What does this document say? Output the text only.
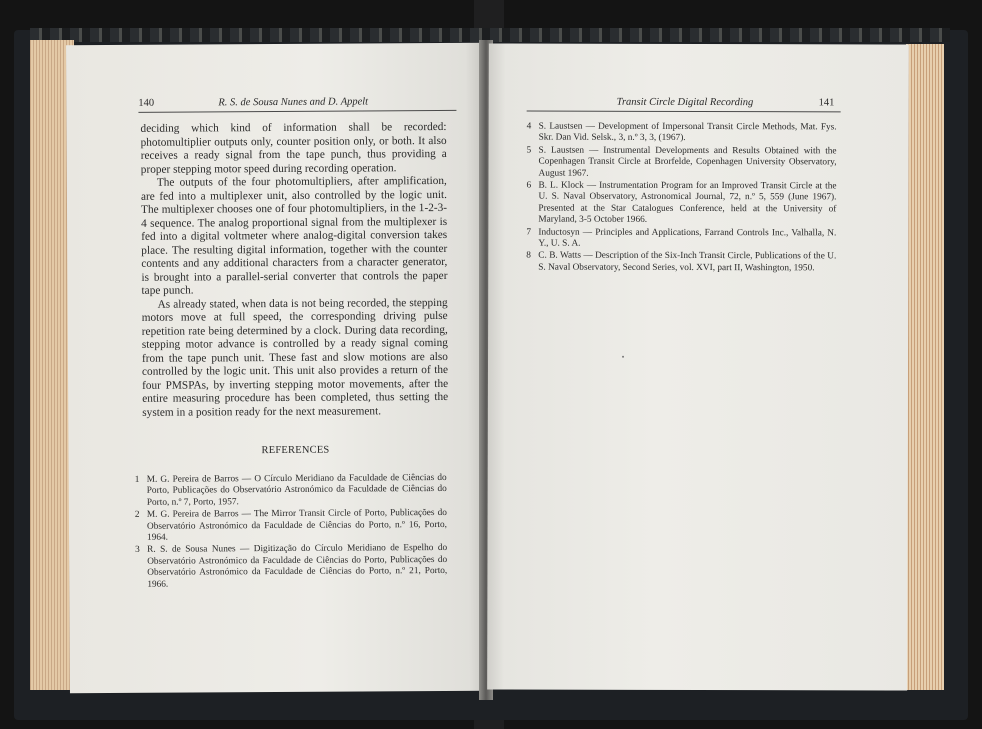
140	R. S. de Sousa Nunes and D. Appelt

deciding which kind of information shall be recorded: photomultiplier outputs only, counter position only, or both. It also receives a ready signal from the tape punch, thus providing a proper stepping motor speed during recording operation.

The outputs of the four photomultipliers, after amplification, are fed into a multiplexer unit, also controlled by the logic unit. The multiplexer chooses one of four photomultipliers, in the 1-2-3-4 sequence. The analog proportional signal from the multiplexer is fed into a digital voltmeter where analog-digital conversion takes place. The resulting digital information, together with the counter contents and any additional characters from a character generator, is brought into a parallel-serial converter that controls the paper tape punch.

As already stated, when data is not being recorded, the stepping motors move at full speed, the corresponding driving pulse repetition rate being determined by a clock. During data recording, stepping motor advance is controlled by a ready signal coming from the tape punch unit. These fast and slow motions are also controlled by the logic unit. This unit also provides a return of the four PMSPAs, by inverting stepping motor movements, after the entire measuring procedure has been completed, thus setting the system in a position ready for the next measurement.

REFERENCES
1 M. G. Pereira de Barros — O Círculo Meridiano da Faculdade de Ciências do Porto, Publicações do Observatório Astronómico da Faculdade de Ciências do Porto, n.º 7, Porto, 1957.
2 M. G. Pereira de Barros — The Mirror Transit Circle of Porto, Publicações do Observatório Astronómico da Faculdade de Ciências do Porto, n.º 16, Porto, 1964.
3 R. S. de Sousa Nunes — Digitização do Círculo Meridiano de Espelho do Observatório Astronómico da Faculdade de Ciências do Porto, Publicações do Observatório Astronómico da Faculdade de Ciências do Porto, n.º 21, Porto, 1966.
Transit Circle Digital Recording	141
4 S. Laustsen — Development of Impersonal Transit Circle Methods, Mat. Fys. Skr. Dan Vid. Selsk., 3, n.º 3, 3, (1967).
5 S. Laustsen — Instrumental Developments and Results Obtained with the Copenhagen Transit Circle at Brorfelde, Copenhagen University Observatory, August 1967.
6 B. L. Klock — Instrumentation Program for an Improved Transit Circle at the U. S. Naval Observatory, Astronomical Journal, 72, n.º 5, 559 (June 1967). Presented at the Star Catalogues Conference, held at the University of Maryland, 3-5 October 1966.
7 Inductosyn — Principles and Applications, Farrand Controls Inc., Valhalla, N. Y., U. S. A.
8 C. B. Watts — Description of the Six-Inch Transit Circle, Publications of the U. S. Naval Observatory, Second Series, vol. XVI, part II, Washington, 1950.
